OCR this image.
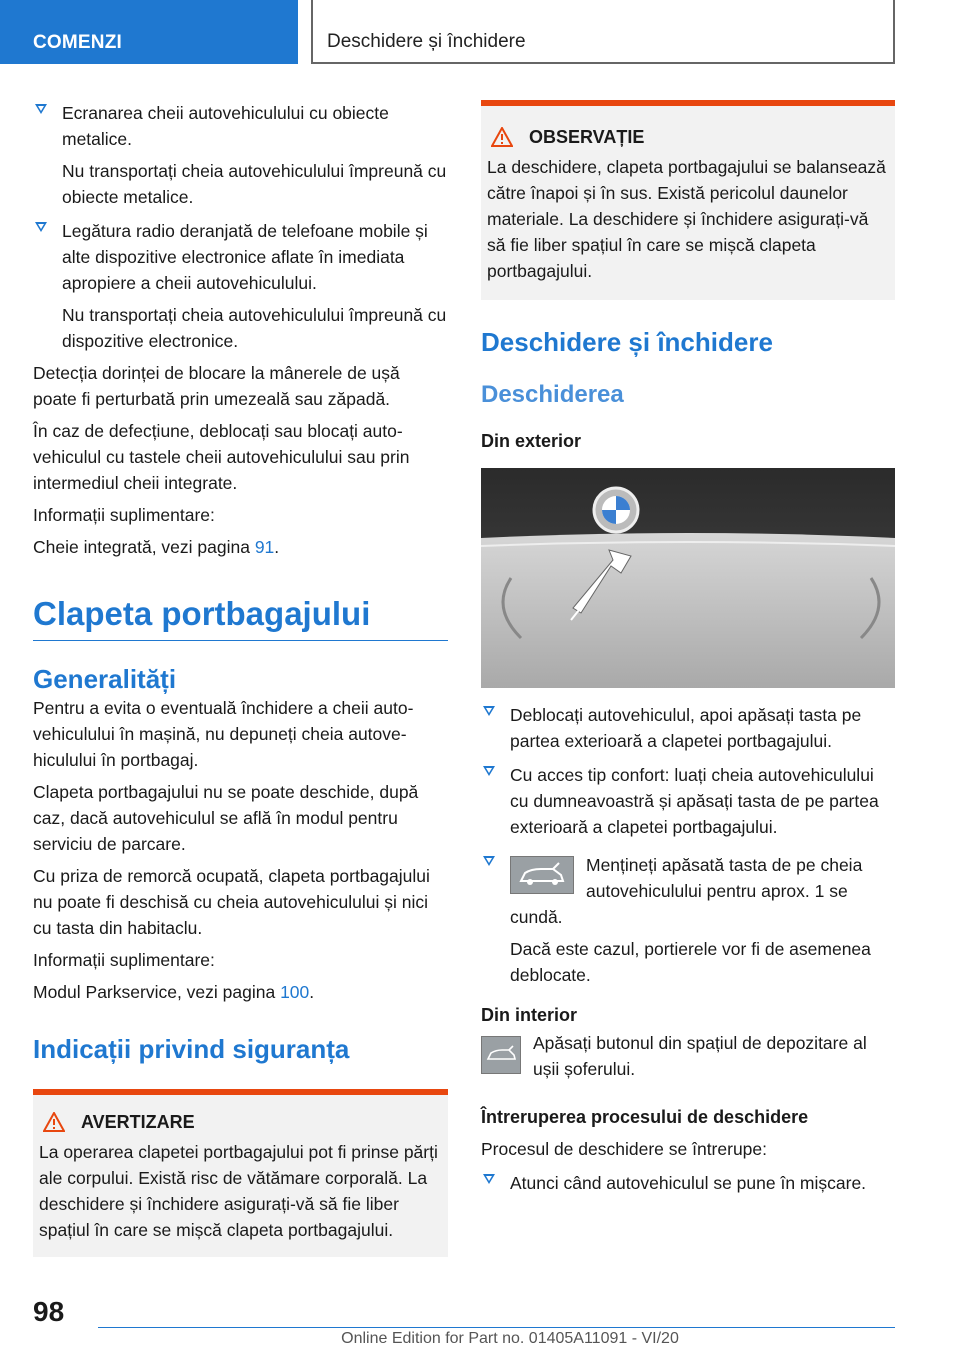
COMENZI	Deschidere și închidere

Ecranarea cheii autovehiculului cu obiecte metalice.

Nu transportați cheia autovehiculului împreună cu obiecte metalice.

Legătura radio deranjată de telefoane mobile și alte dispozitive electronice aflate în imediata apropiere a cheii autovehiculului.

Nu transportați cheia autovehiculului împreună cu dispozitive electronice.

Detecția dorinței de blocare la mânerele de ușă poate fi perturbată prin umezeală sau zăpadă.

În caz de defecțiune, deblocați sau blocați autovehiculul cu tastele cheii autovehiculului sau prin intermediul cheii integrate.

Informații suplimentare:

Cheie integrată, vezi pagina 91.

Clapeta portbagajului
Generalități

Pentru a evita o eventuală închidere a cheii autovehiculului în mașină, nu depuneți cheia autovehiculului în portbagaj.

Clapeta portbagajului nu se poate deschide, după caz, dacă autovehiculul se află în modul pentru serviciu de parcare.

Cu priza de remorcă ocupată, clapeta portbagajului nu poate fi deschisă cu cheia autovehiculului și nici cu tasta din habitaclu.

Informații suplimentare:

Modul Parkservice, vezi pagina 100.

Indicații privind siguranța
AVERTIZARE

La operarea clapetei portbagajului pot fi prinse părți ale corpului. Există risc de vătămare corporală. La deschidere și închidere asigurați-vă să fie liber spațiul în care se mișcă clapeta portbagajului.

OBSERVAȚIE

La deschidere, clapeta portbagajului se balansează către înapoi și în sus. Există pericolul daunelor materiale. La deschidere și închidere asigurați-vă să fie liber spațiul în care se mișcă clapeta portbagajului.

Deschidere și închidere
Deschiderea
Din exterior

Deblocați autovehiculul, apoi apăsați tasta pe partea exterioară a clapetei portbagajului.

Cu acces tip confort: luați cheia autovehiculului cu dumneavoastră și apăsați tasta de pe partea exterioară a clapetei portbagajului.

Mențineți apăsată tasta de pe cheia autovehiculului pentru aprox. 1 se

cundă.

Dacă este cazul, portierele vor fi de asemenea deblocate.

Din interior

Apăsați butonul din spațiul de depozitare al ușii șoferului.

Întreruperea procesului de deschidere

Procesul de deschidere se întrerupe:

Atunci când autovehiculul se pune în mișcare.

98
Online Edition for Part no. 01405A11091 - VI/20
